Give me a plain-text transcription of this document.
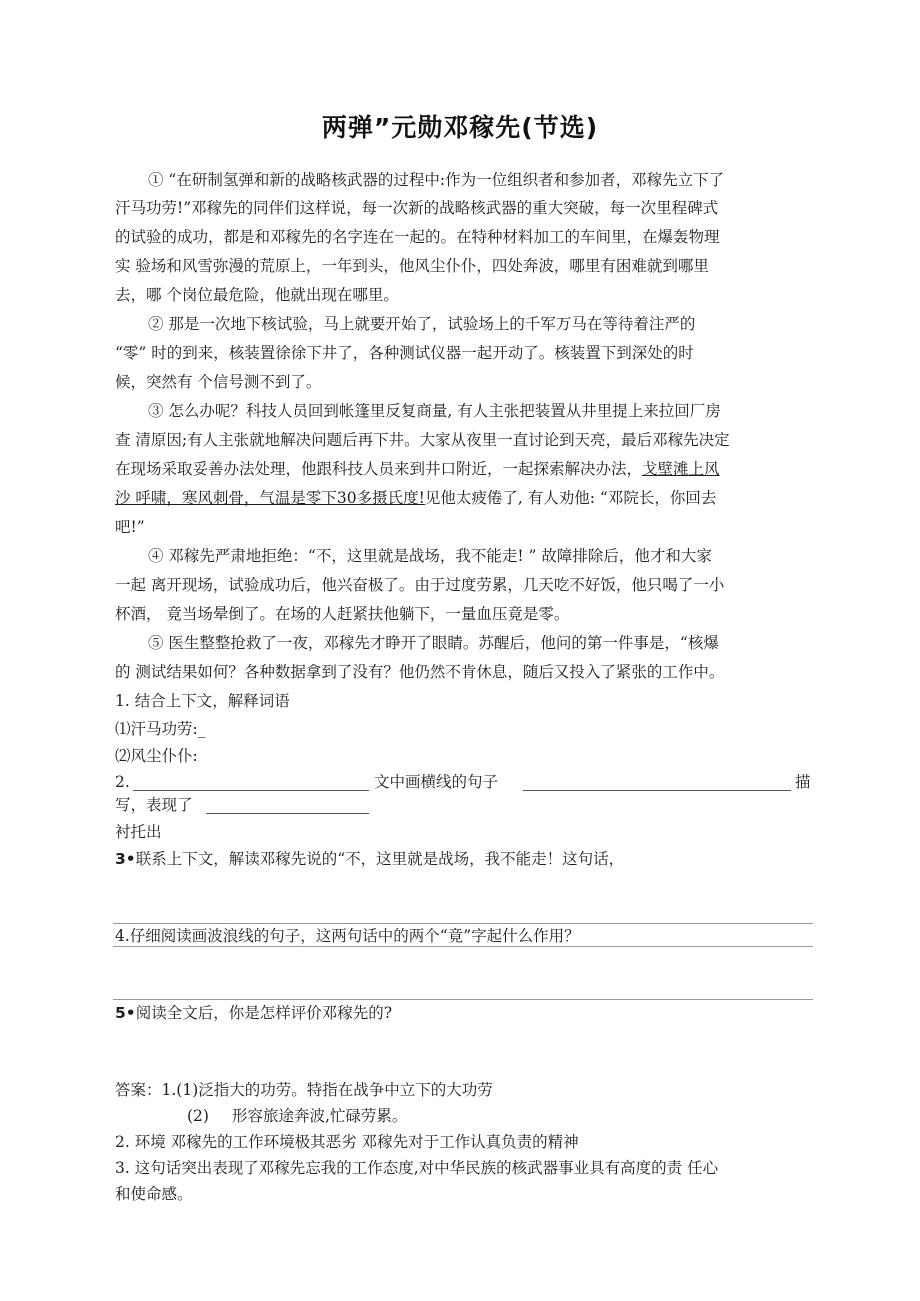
两弹”元勋邓稼先(节选)
① “在研制氢弹和新的战略核武器的过程中:作为一位组织者和参加者，邓稼先立下了
汗马功劳!”邓稼先的同伴们这样说，每一次新的战略核武器的重大突破，每一次里程碑式
的试验的成功，都是和邓稼先的名字连在一起的。在特种材料加工的车间里，在爆轰物理
实 验场和风雪弥漫的荒原上，一年到头，他风尘仆仆，四处奔波，哪里有困难就到哪里
去，哪 个岗位最危险，他就出现在哪里。
② 那是一次地下核试验，马上就要开始了，试验场上的千军万马在等待着注严的
“零” 时的到来，核装置徐徐下井了，各种测试仪器一起开动了。核装置下到深处的时
候，突然有 个信号测不到了。
③ 怎么办呢？科技人员回到帐篷里反复商量, 有人主张把装置从井里提上来拉回厂房
查 清原因;有人主张就地解决问题后再下井。大家从夜里一直讨论到天亮，最后邓稼先决定
在现场采取妥善办法处理，他跟科技人员来到井口附近，一起探索解决办法，戈壁滩上风
沙 呼啸，寒风刺骨，气温是零下30多摄氏度!见他太疲倦了, 有人劝他: “邓院长，你回去
吧!”
④ 邓稼先严肃地拒绝：“不，这里就是战场，我不能走! ” 故障排除后，他才和大家
一起 离开现场，试验成功后，他兴奋极了。由于过度劳累，几天吃不好饭，他只喝了一小
杯酒， 竟当场晕倒了。在场的人赶紧扶他躺下，一量血压竟是零。
⑤ 医生整整抢救了一夜，邓稼先才睁开了眼睛。苏醒后，他问的第一件事是，“核爆
的 测试结果如何？各种数据拿到了没有？他仍然不肯休息，随后又投入了紧张的工作中。
1. 结合上下文，解释词语
⑴汗马功劳:_
⑵风尘仆仆:
2.	文中画横线的句子	描
写，表现了
衬托出
3•联系上下文，解读邓稼先说的“不，这里就是战场，我不能走！这句话，
4.仔细阅读画波浪线的句子，这两句话中的两个“竟”字起什么作用？
5•阅读全文后，你是怎样评价邓稼先的?
答案：1.(1)泛指大的功劳。特指在战争中立下的大功劳
(2) 形容旅途奔波,忙碌劳累。
2. 环境 邓稼先的工作环境极其恶劣 邓稼先对于工作认真负责的精神
3. 这句话突出表现了邓稼先忘我的工作态度,对中华民族的核武器事业具有高度的责 任心
和使命感。
